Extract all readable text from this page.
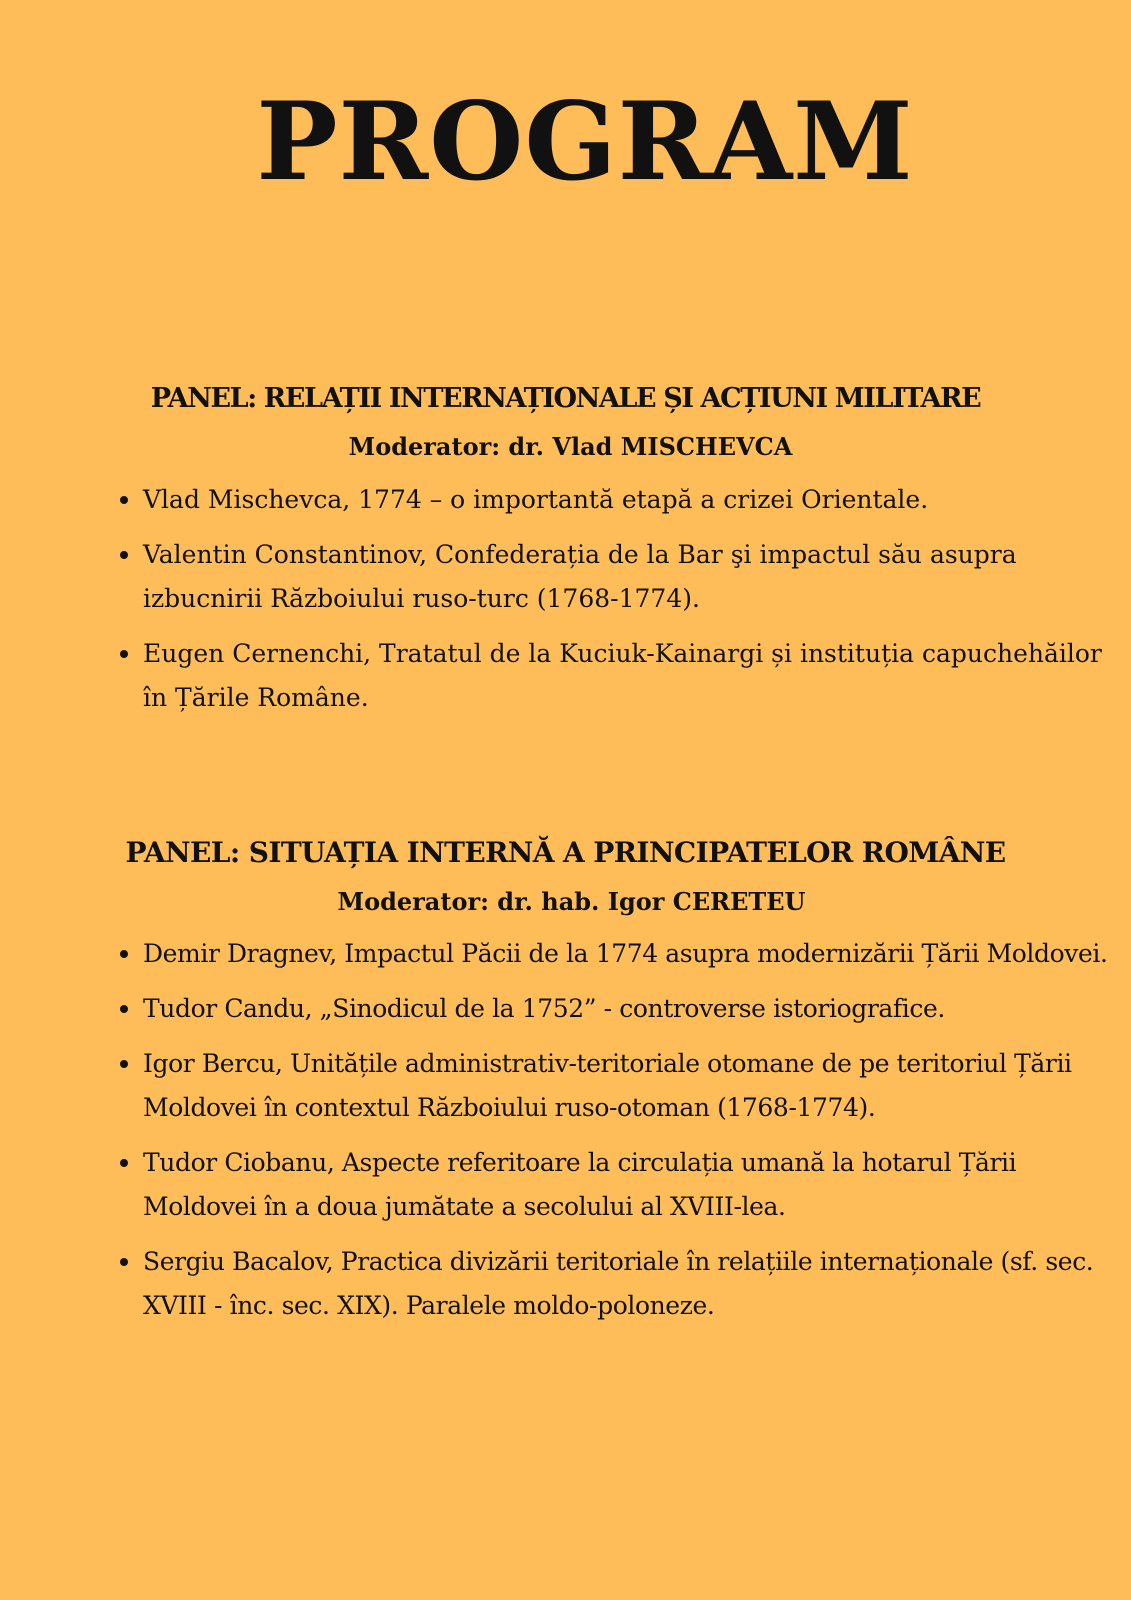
PROGRAM
PANEL: RELAȚII INTERNAȚIONALE ȘI ACȚIUNI MILITARE

Moderator: dr. Vlad MISCHEVCA

Vlad Mischevca, 1774 – o importantă etapă a crizei Orientale.
Valentin Constantinov, Confederația de la Bar şi impactul său asupra izbucnirii Războiului ruso-turc (1768-1774).
Eugen Cernenchi, Tratatul de la Kuciuk-Kainargi și instituția capuchehăilor în Țările Române.
PANEL: SITUAȚIA INTERNĂ A PRINCIPATELOR ROMÂNE

Moderator: dr. hab. Igor CERETEU

Demir Dragnev, Impactul Păcii de la 1774 asupra modernizării Țării Moldovei.
Tudor Candu, „Sinodicul de la 1752” - controverse istoriografice.
Igor Bercu, Unitățile administrativ-teritoriale otomane de pe teritoriul Țării Moldovei în contextul Războiului ruso-otoman (1768-1774).
Tudor Ciobanu, Aspecte referitoare la circulația umană la hotarul Țării Moldovei în a doua jumătate a secolului al XVIII-lea.
Sergiu Bacalov, Practica divizării teritoriale în relațiile internaționale (sf. sec. XVIII - înc. sec. XIX). Paralele moldo-poloneze.
